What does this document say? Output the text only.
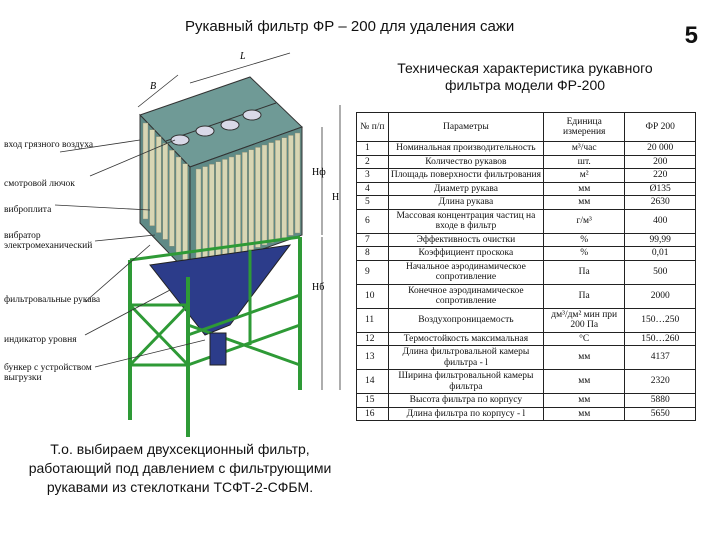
Рукавный фильтр ФР – 200 для удаления сажи	5
Техническая характеристика рукавного фильтра модели ФР-200
№ п/п	Параметры	Единица измерения	ФР 200
1	Номинальная производительность	м³/час	20 000
2	Количество рукавов	шт.	200
3	Площадь поверхности фильтрования	м²	220
4	Диаметр рукава	мм	Ø135
5	Длина рукава	мм	2630
6	Массовая концентрация частиц на входе в фильтр	г/м³	400
7	Эффективность очистки	%	99,99
8	Коэффициент проскока	%	0,01
9	Начальное аэродинамическое сопротивление	Па	500
10	Конечное аэродинамическое сопротивление	Па	2000
11	Воздухопроницаемость	дм³/дм² мин при 200 Па	150…250
12	Термостойкость максимальная	°С	150…260
13	Длина фильтровальной камеры фильтра - l	мм	4137
14	Ширина фильтровальной камеры фильтра	мм	2320
15	Высота фильтра по корпусу	мм	5880
16	Длина фильтра по корпусу - l	мм	5650
L
B
Нф
H
Нб
вход грязного воздуха
смотровой лючок
виброплита
вибратор электромеханический
фильтровальные рукава
индикатор уровня
бункер с устройством выгрузки
Т.о. выбираем двухсекционный фильтр, работающий под давлением с фильтрующими рукавами из стеклоткани ТСФТ-2-СФБМ.
